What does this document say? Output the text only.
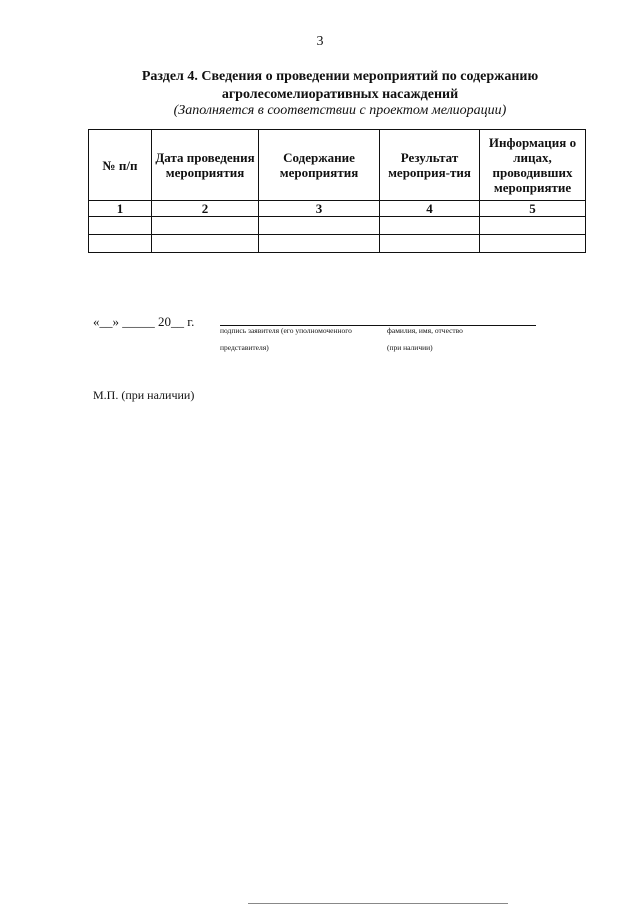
3
Раздел 4. Сведения о проведении мероприятий по содержанию
агролесомелиоративных насаждений
(Заполняется в соответствии с проектом мелиорации)
№ п/п	Дата проведения мероприятия	Содержание мероприятия	Результат мероприя-тия	Информация о лицах, проводивших мероприятие
1	2	3	4	5

«__» _____ 20__ г.
подпись заявителя (его уполномоченного
представителя)
фамилия, имя, отчество
(при наличии)
М.П. (при наличии)
